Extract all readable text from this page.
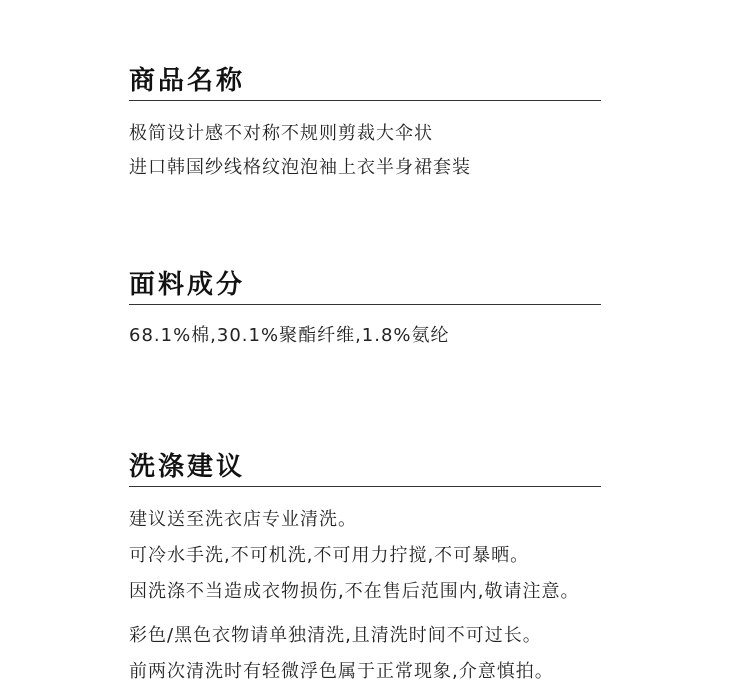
商品名称
极简设计感不对称不规则剪裁大伞状
进口韩国纱线格纹泡泡袖上衣半身裙套装
面料成分
68.1%棉,30.1%聚酯纤维,1.8%氨纶
洗涤建议
建议送至洗衣店专业清洗。
可冷水手洗,不可机洗,不可用力拧搅,不可暴晒。
因洗涤不当造成衣物损伤,不在售后范围内,敬请注意。
彩色/黑色衣物请单独清洗,且清洗时间不可过长。
前两次清洗时有轻微浮色属于正常现象,介意慎拍。
